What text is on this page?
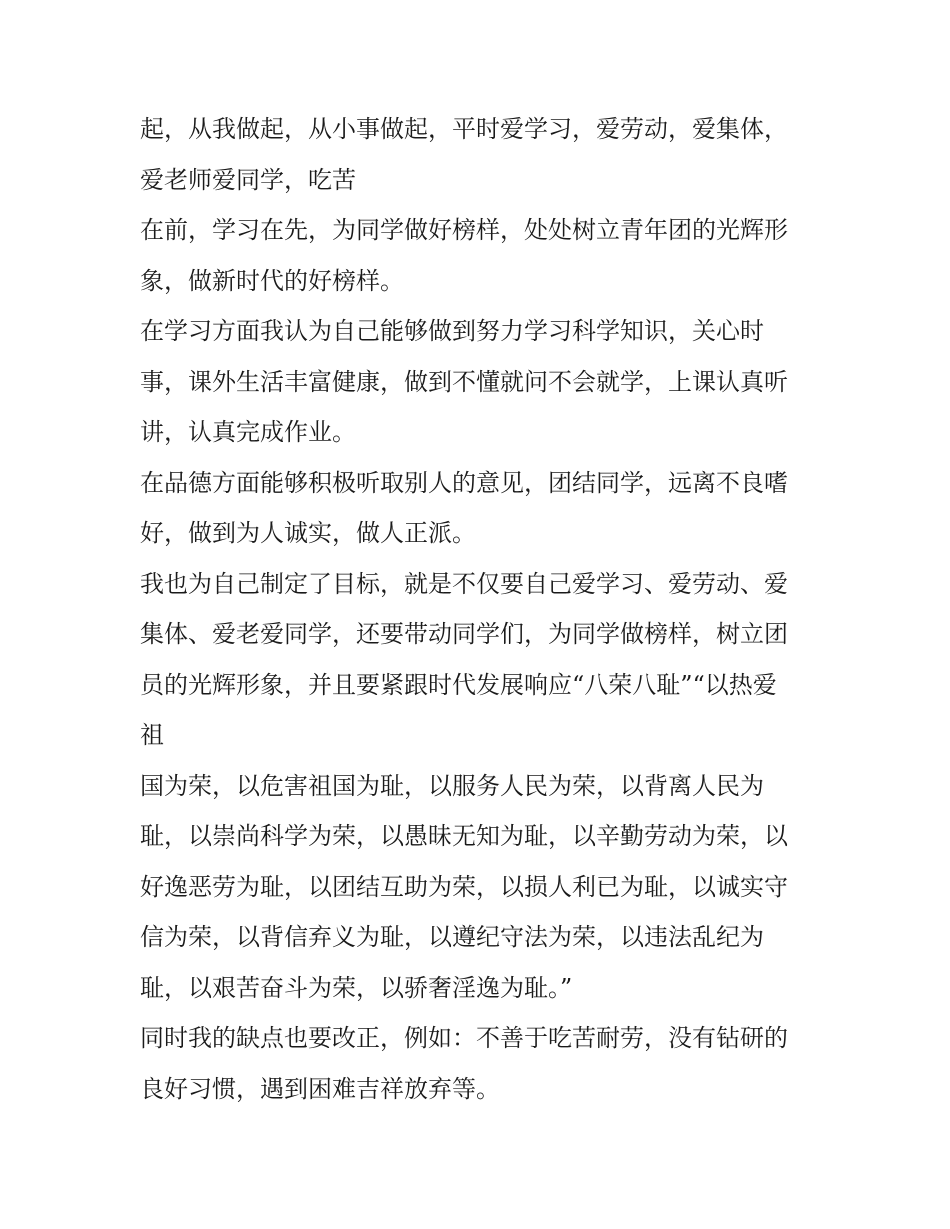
起，从我做起，从小事做起，平时爱学习，爱劳动，爱集体，
爱老师爱同学，吃苦
在前，学习在先，为同学做好榜样，处处树立青年团的光辉形
象，做新时代的好榜样。
在学习方面我认为自己能够做到努力学习科学知识，关心时
事，课外生活丰富健康，做到不懂就问不会就学，上课认真听
讲，认真完成作业。
在品德方面能够积极听取别人的意见，团结同学，远离不良嗜
好，做到为人诚实，做人正派。
我也为自己制定了目标，就是不仅要自己爱学习、爱劳动、爱
集体、爱老爱同学，还要带动同学们，为同学做榜样，树立团
员的光辉形象，并且要紧跟时代发展响应“八荣八耻”“以热爱
祖
国为荣，以危害祖国为耻，以服务人民为荣，以背离人民为
耻，以崇尚科学为荣，以愚昧无知为耻，以辛勤劳动为荣，以
好逸恶劳为耻，以团结互助为荣，以损人利已为耻，以诚实守
信为荣，以背信弃义为耻，以遵纪守法为荣，以违法乱纪为
耻，以艰苦奋斗为荣，以骄奢淫逸为耻。”
同时我的缺点也要改正，例如：不善于吃苦耐劳，没有钻研的
良好习惯，遇到困难吉祥放弃等。
